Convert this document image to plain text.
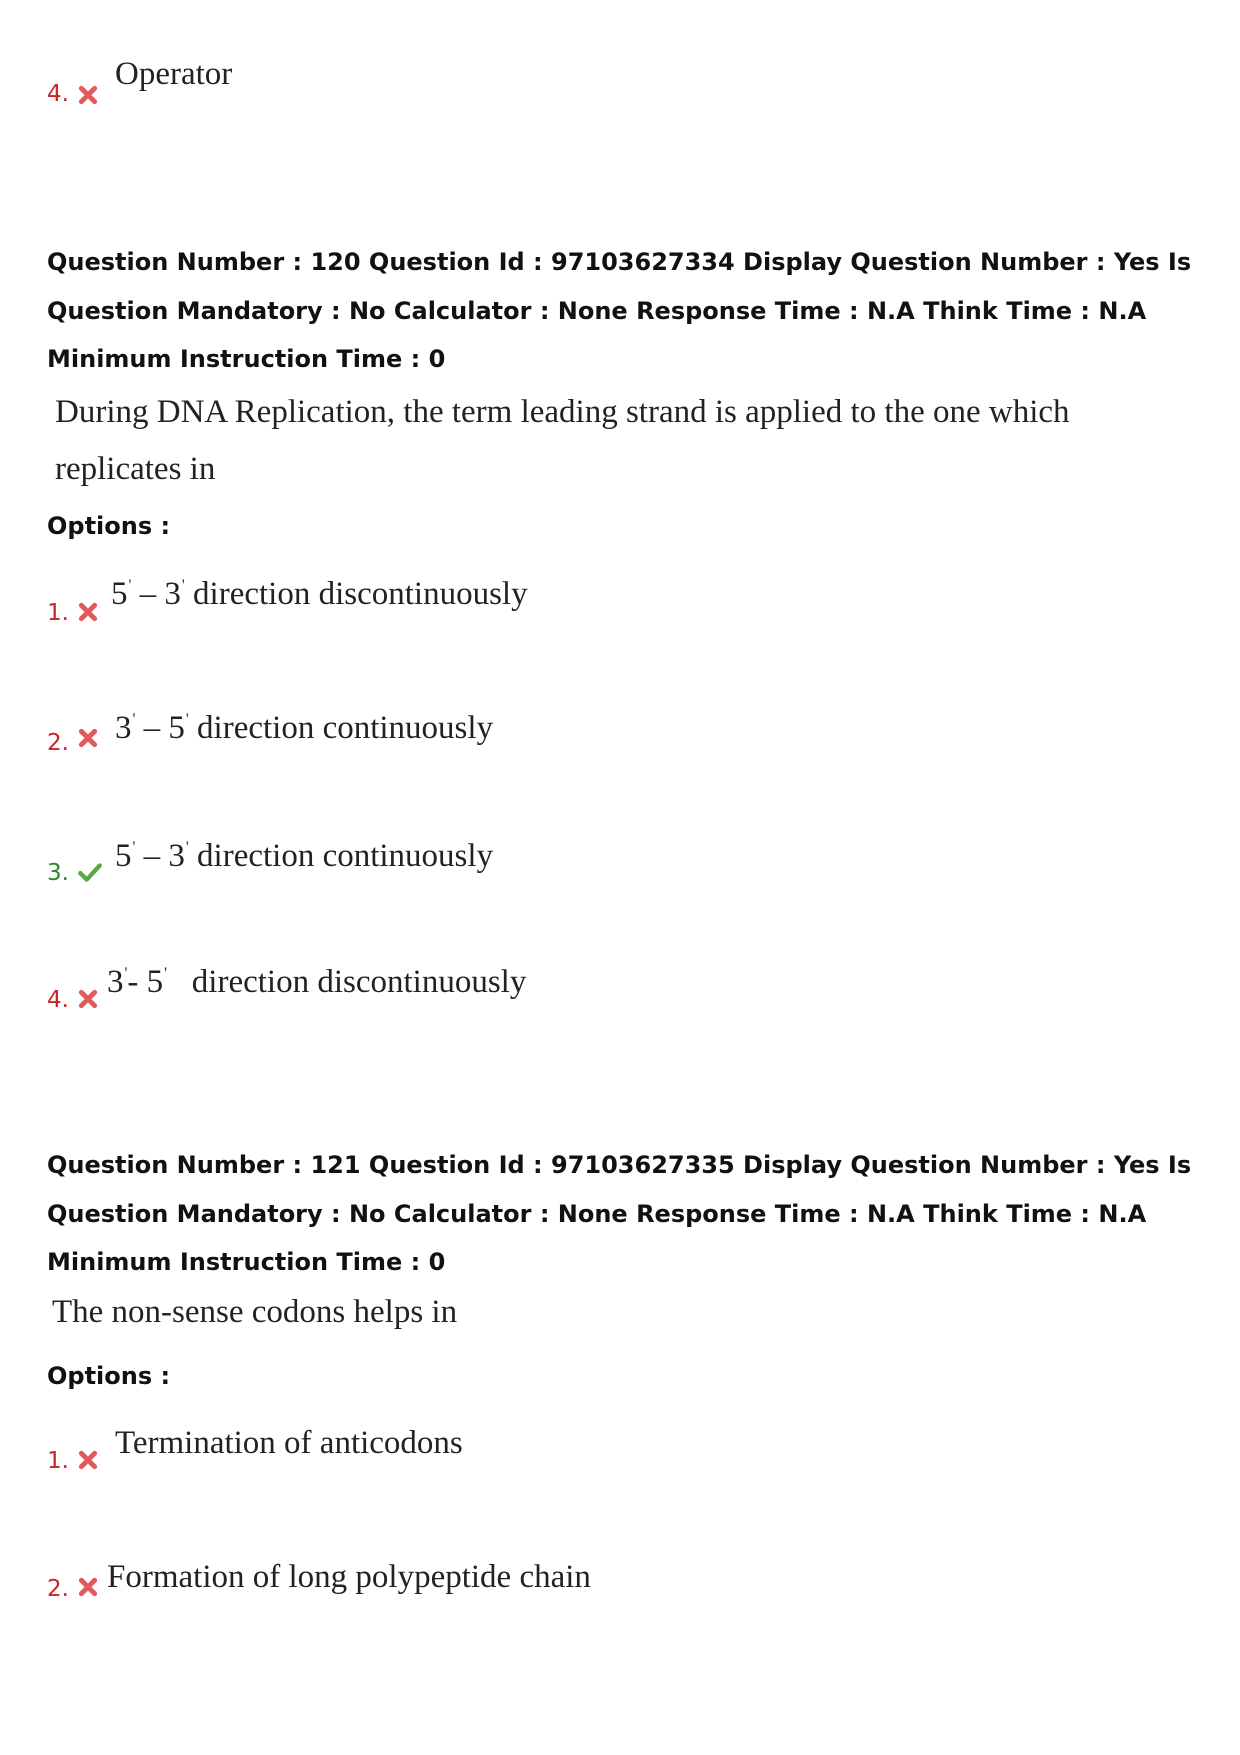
4.
Operator
Question Number : 120 Question Id : 97103627334 Display Question Number : Yes Is Question Mandatory : No Calculator : None Response Time : N.A Think Time : N.A Minimum Instruction Time : 0
During DNA Replication, the term leading strand is applied to the one which
replicates in
Options :
1.
5' – 3' direction discontinuously
2. 3' – 5' direction continuously
3. 5' – 3' direction continuously
4. 3'- 5' direction discontinuously
Question Number : 121 Question Id : 97103627335 Display Question Number : Yes Is Question Mandatory : No Calculator : None Response Time : N.A Think Time : N.A Minimum Instruction Time : 0
The non-sense codons helps in
Options :
1. Termination of anticodons
2. Formation of long polypeptide chain
